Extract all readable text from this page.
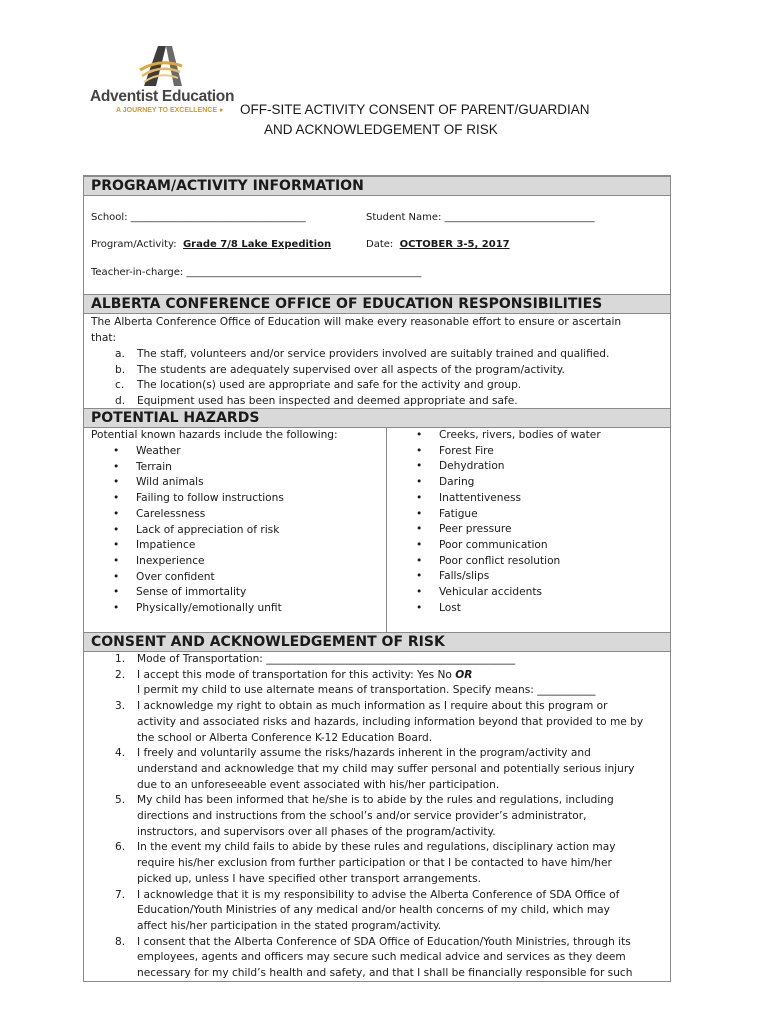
Adventist Education
A JOURNEY TO EXCELLENCE ● OFF-SITE ACTIVITY CONSENT OF PARENT/GUARDIAN
AND ACKNOWLEDGEMENT OF RISK
PROGRAM/ACTIVITY INFORMATION
School: ___________________________________	Student Name: ______________________________
Program/Activity: Grade 7/8 Lake Expedition	Date: OCTOBER 3-5, 2017
Teacher-in-charge: _______________________________________________
ALBERTA CONFERENCE OFFICE OF EDUCATION RESPONSIBILITIES
The Alberta Conference Office of Education will make every reasonable effort to ensure or ascertain
that:
a. The staff, volunteers and/or service providers involved are suitably trained and qualified.
b. The students are adequately supervised over all aspects of the program/activity.
c. The location(s) used are appropriate and safe for the activity and group.
d. Equipment used has been inspected and deemed appropriate and safe.
POTENTIAL HAZARDS
Potential known hazards include the following:
• Weather
• Terrain
• Wild animals
• Failing to follow instructions
• Carelessness
• Lack of appreciation of risk
• Impatience
• Inexperience
• Over confident
• Sense of immortality
• Physically/emotionally unfit
• Creeks, rivers, bodies of water
• Forest Fire
• Dehydration
• Daring
• Inattentiveness
• Fatigue
• Peer pressure
• Poor communication
• Poor conflict resolution
• Falls/slips
• Vehicular accidents
• Lost
CONSENT AND ACKNOWLEDGEMENT OF RISK
1. Mode of Transportation: _______________________________________________
2. I accept this mode of transportation for this activity: Yes No OR
I permit my child to use alternate means of transportation. Specify means: ___________
3. I acknowledge my right to obtain as much information as I require about this program or
activity and associated risks and hazards, including information beyond that provided to me by
the school or Alberta Conference K-12 Education Board.
4. I freely and voluntarily assume the risks/hazards inherent in the program/activity and
understand and acknowledge that my child may suffer personal and potentially serious injury
due to an unforeseeable event associated with his/her participation.
5. My child has been informed that he/she is to abide by the rules and regulations, including
directions and instructions from the school’s and/or service provider’s administrator,
instructors, and supervisors over all phases of the program/activity.
6. In the event my child fails to abide by these rules and regulations, disciplinary action may
require his/her exclusion from further participation or that I be contacted to have him/her
picked up, unless I have specified other transport arrangements.
7. I acknowledge that it is my responsibility to advise the Alberta Conference of SDA Office of
Education/Youth Ministries of any medical and/or health concerns of my child, which may
affect his/her participation in the stated program/activity.
8. I consent that the Alberta Conference of SDA Office of Education/Youth Ministries, through its
employees, agents and officers may secure such medical advice and services as they deem
necessary for my child’s health and safety, and that I shall be financially responsible for such
